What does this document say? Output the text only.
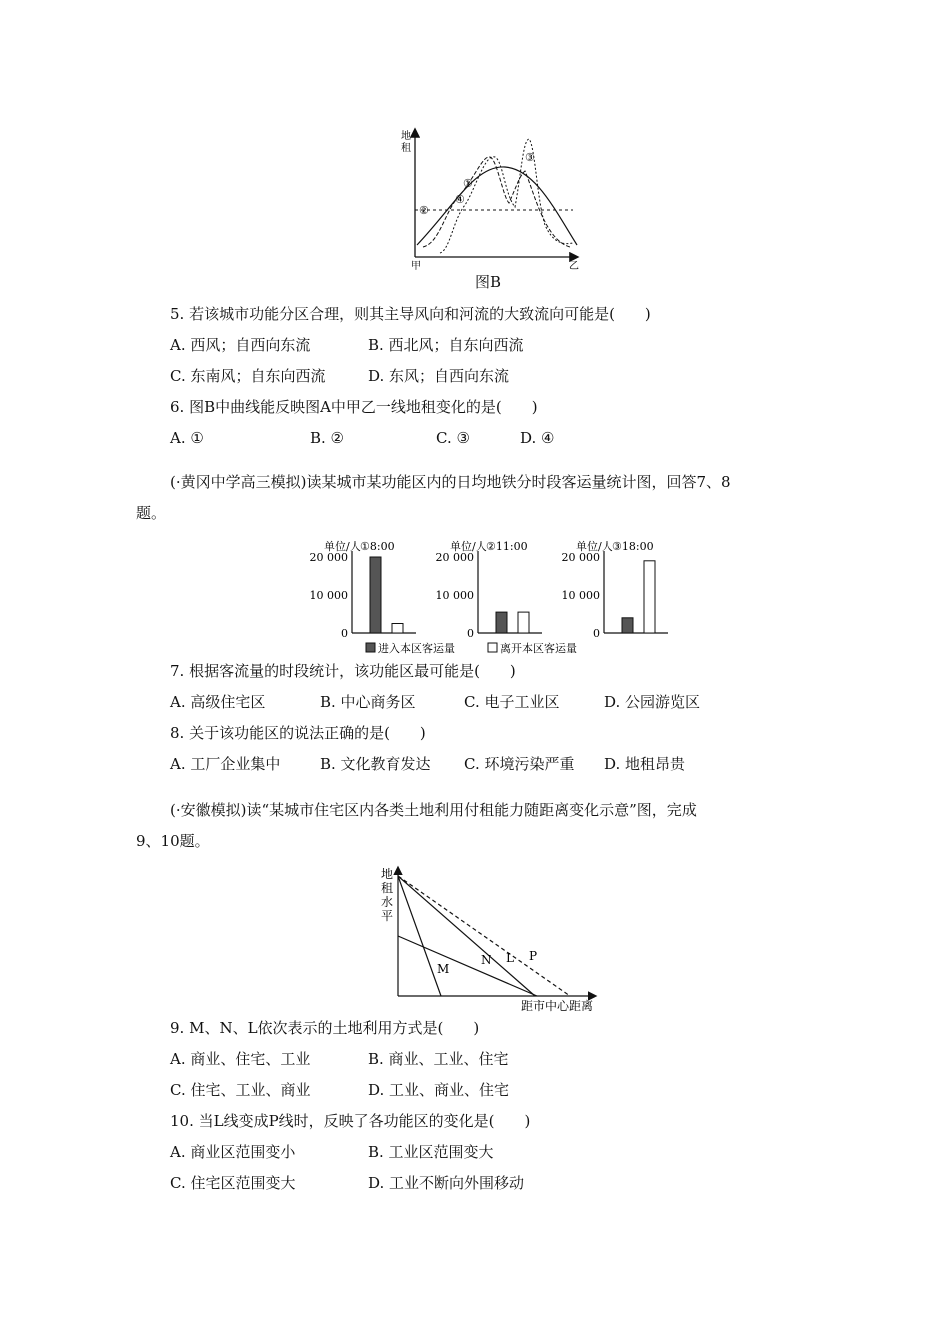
地
租
甲	乙
①
②
③
④
图B
5. 若该城市功能分区合理，则其主导风向和河流的大致流向可能是(　　)
A. 西风；自西向东流	B. 西北风；自东向西流
C. 东南风；自东向西流	D. 东风；自西向东流
6. 图B中曲线能反映图A中甲乙一线地租变化的是(　　)
A. ①	B. ②	C. ③	D. ④
(·黄冈中学高三模拟)读某城市某功能区内的日均地铁分时段客运量统计图，回答7、8
题。
单位/人 ①8:00
20 000
10 000
0
单位/人 ②11:00
20 000
10 000
0
单位/人 ③18:00
20 000
10 000
0
进入本区客运量	离开本区客运量
7. 根据客流量的时段统计，该功能区最可能是(　　)
A. 高级住宅区	B. 中心商务区	C. 电子工业区	D. 公园游览区
8. 关于该功能区的说法正确的是(　　)
A. 工厂企业集中	B. 文化教育发达 C. 环境污染严重 D. 地租昂贵
(·安徽模拟)读“某城市住宅区内各类土地利用付租能力随距离变化示意”图，完成
9、10题。
地
租
水
平
M
N L P
距市中心距离
9. M、N、L依次表示的土地利用方式是(　　)
A. 商业、住宅、工业	B. 商业、工业、住宅
C. 住宅、工业、商业	D. 工业、商业、住宅
10. 当L线变成P线时，反映了各功能区的变化是(　　)
A. 商业区范围变小	B. 工业区范围变大
C. 住宅区范围变大	D. 工业不断向外围移动
